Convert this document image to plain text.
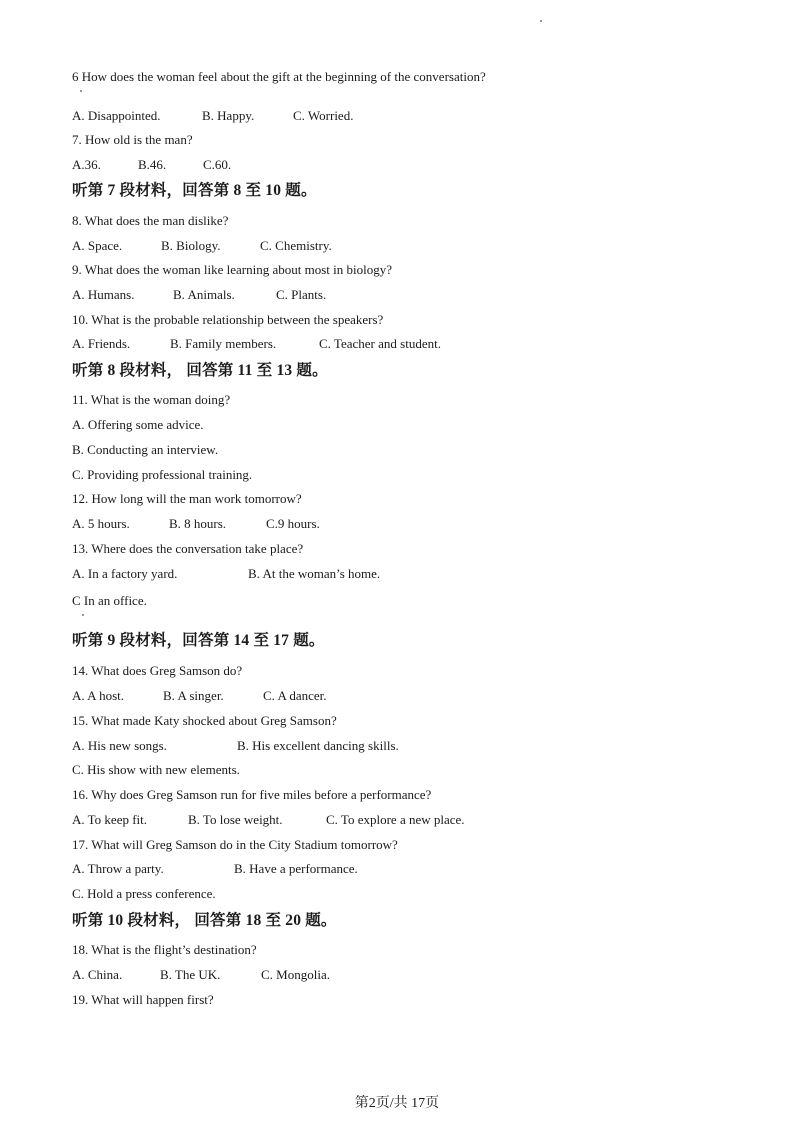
6 How does the woman feel about the gift at the beginning of the conversation?
A. Disappointed.	B. Happy.	C. Worried.
7. How old is the man?
A.36.	B.46.	C.60.
听第 7 段材料，回答第 8 至 10 题。
8. What does the man dislike?
A. Space.	B. Biology.	C. Chemistry.
9. What does the woman like learning about most in biology?
A. Humans.	B. Animals.	C. Plants.
10. What is the probable relationship between the speakers?
A. Friends.	B. Family members.	C. Teacher and student.
听第 8 段材料， 回答第 11 至 13 题。
11. What is the woman doing?
A. Offering some advice.
B. Conducting an interview.
C. Providing professional training.
12. How long will the man work tomorrow?
A. 5 hours.	B. 8 hours.	C.9 hours.
13. Where does the conversation take place?
A. In a factory yard.	B. At the woman’s home.
C In an office.
听第 9 段材料，回答第 14 至 17 题。
14. What does Greg Samson do?
A. A host.	B. A singer.	C. A dancer.
15. What made Katy shocked about Greg Samson?
A. His new songs.	B. His excellent dancing skills.
C. His show with new elements.
16. Why does Greg Samson run for five miles before a performance?
A. To keep fit.	B. To lose weight.	C. To explore a new place.
17. What will Greg Samson do in the City Stadium tomorrow?
A. Throw a party.	B. Have a performance.
C. Hold a press conference.
听第 10 段材料， 回答第 18 至 20 题。
18. What is the flight’s destination?
A. China.	B. The UK.	C. Mongolia.
19. What will happen first?
第2页/共 17页
